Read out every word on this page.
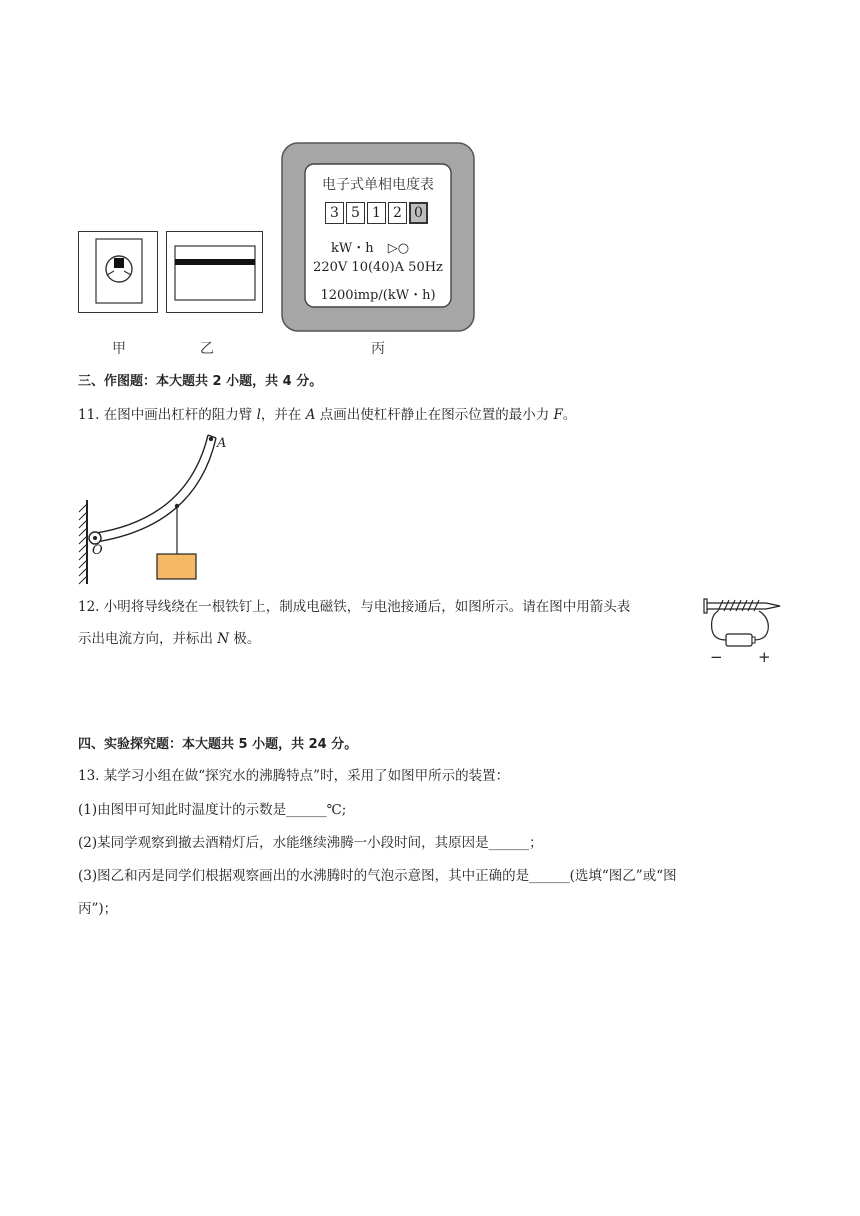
电子式单相电度表
3 5 1 2 0
kW・h ▷○
220V 10(40)A 50Hz
1200imp/(kW・h)
甲	乙	丙
三、作图题：本大题共 2 小题，共 4 分。
11. 在图中画出杠杆的阻力臂 l，并在 A 点画出使杠杆静止在图示位置的最小力 F。
A
O
12. 小明将导线绕在一根铁钉上，制成电磁铁，与电池接通后，如图所示。请在图中用箭头表
示出电流方向，并标出 N 极。
− +
四、实验探究题：本大题共 5 小题，共 24 分。
13. 某学习小组在做“探究水的沸腾特点”时，采用了如图甲所示的装置：
(1)由图甲可知此时温度计的示数是______℃;
(2)某同学观察到撤去酒精灯后，水能继续沸腾一小段时间，其原因是______；
(3)图乙和丙是同学们根据观察画出的水沸腾时的气泡示意图，其中正确的是______(选填“图乙”或“图
丙”)；
